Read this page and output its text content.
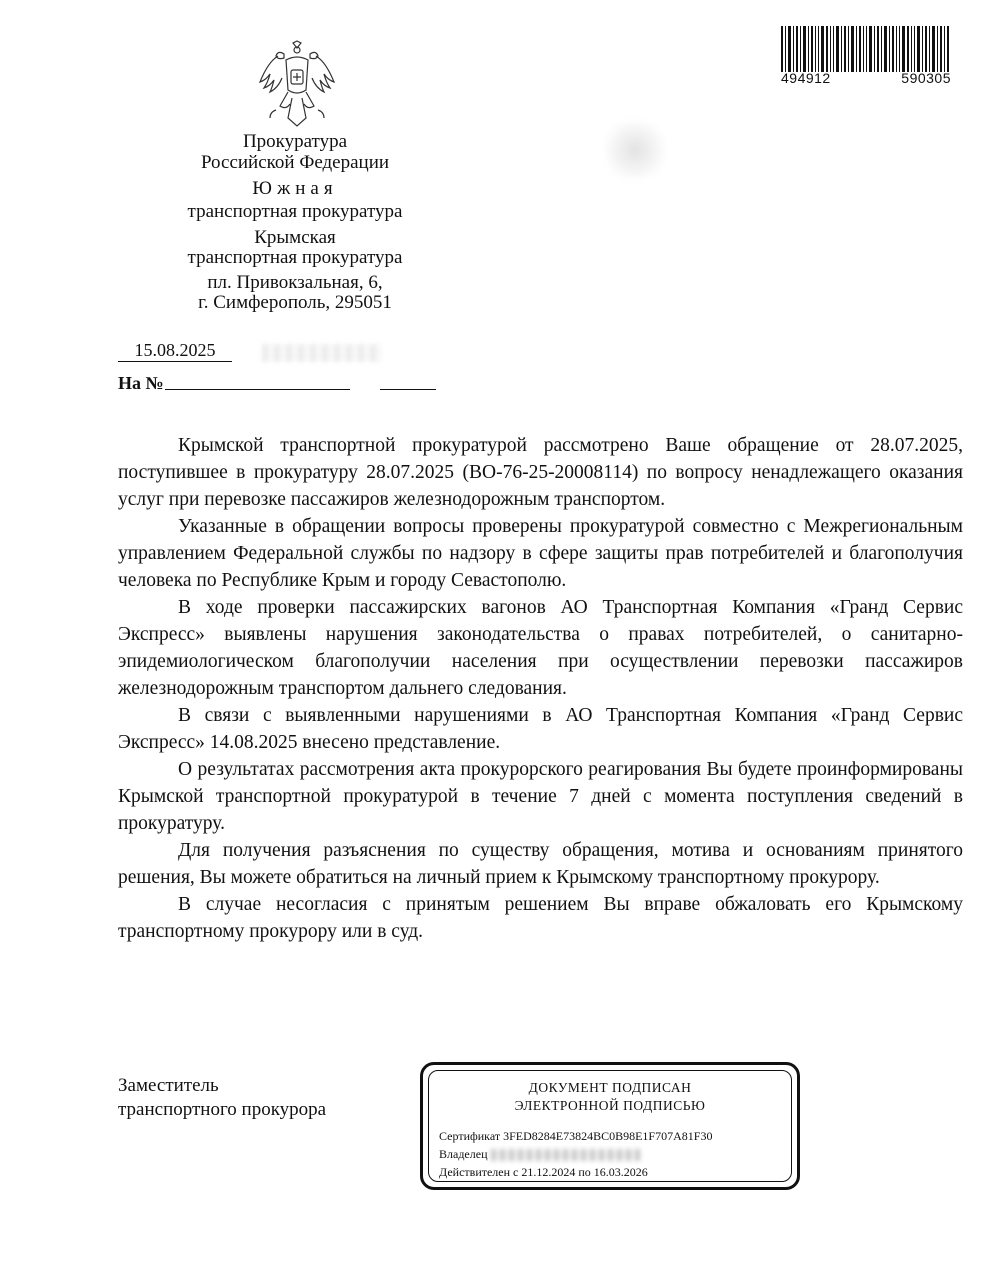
494912	590305
Прокуратура
Российской Федерации
Южная
транспортная прокуратура
Крымская
транспортная прокуратура
пл. Привокзальная, 6,
г. Симферополь, 295051
15.08.2025
На №

Крымской транспортной прокуратурой рассмотрено Ваше обращение от 28.07.2025, поступившее в прокуратуру 28.07.2025 (ВО-76-25-20008114) по вопросу ненадлежащего оказания услуг при перевозке пассажиров железнодорожным транспортом.

Указанные в обращении вопросы проверены прокуратурой совместно с Межрегиональным управлением Федеральной службы по надзору в сфере защиты прав потребителей и благополучия человека по Республике Крым и городу Севастополю.

В ходе проверки пассажирских вагонов АО Транспортная Компания «Гранд Сервис Экспресс» выявлены нарушения законодательства о правах потребителей, о санитарно-эпидемиологическом благополучии населения при осуществлении перевозки пассажиров железнодорожным транспортом дальнего следования.

В связи с выявленными нарушениями в АО Транспортная Компания «Гранд Сервис Экспресс» 14.08.2025 внесено представление.

О результатах рассмотрения акта прокурорского реагирования Вы будете проинформированы Крымской транспортной прокуратурой в течение 7 дней с момента поступления сведений в прокуратуру.

Для получения разъяснения по существу обращения, мотива и основаниям принятого решения, Вы можете обратиться на личный прием к Крымскому транспортному прокурору.

В случае несогласия с принятым решением Вы вправе обжаловать его Крымскому транспортному прокурору или в суд.

Заместитель
транспортного прокурора
ДОКУМЕНТ ПОДПИСАН
ЭЛЕКТРОННОЙ ПОДПИСЬЮ
Сертификат 3FED8284E73824BC0B98E1F707A81F30
Владелец
Действителен с 21.12.2024 по 16.03.2026
